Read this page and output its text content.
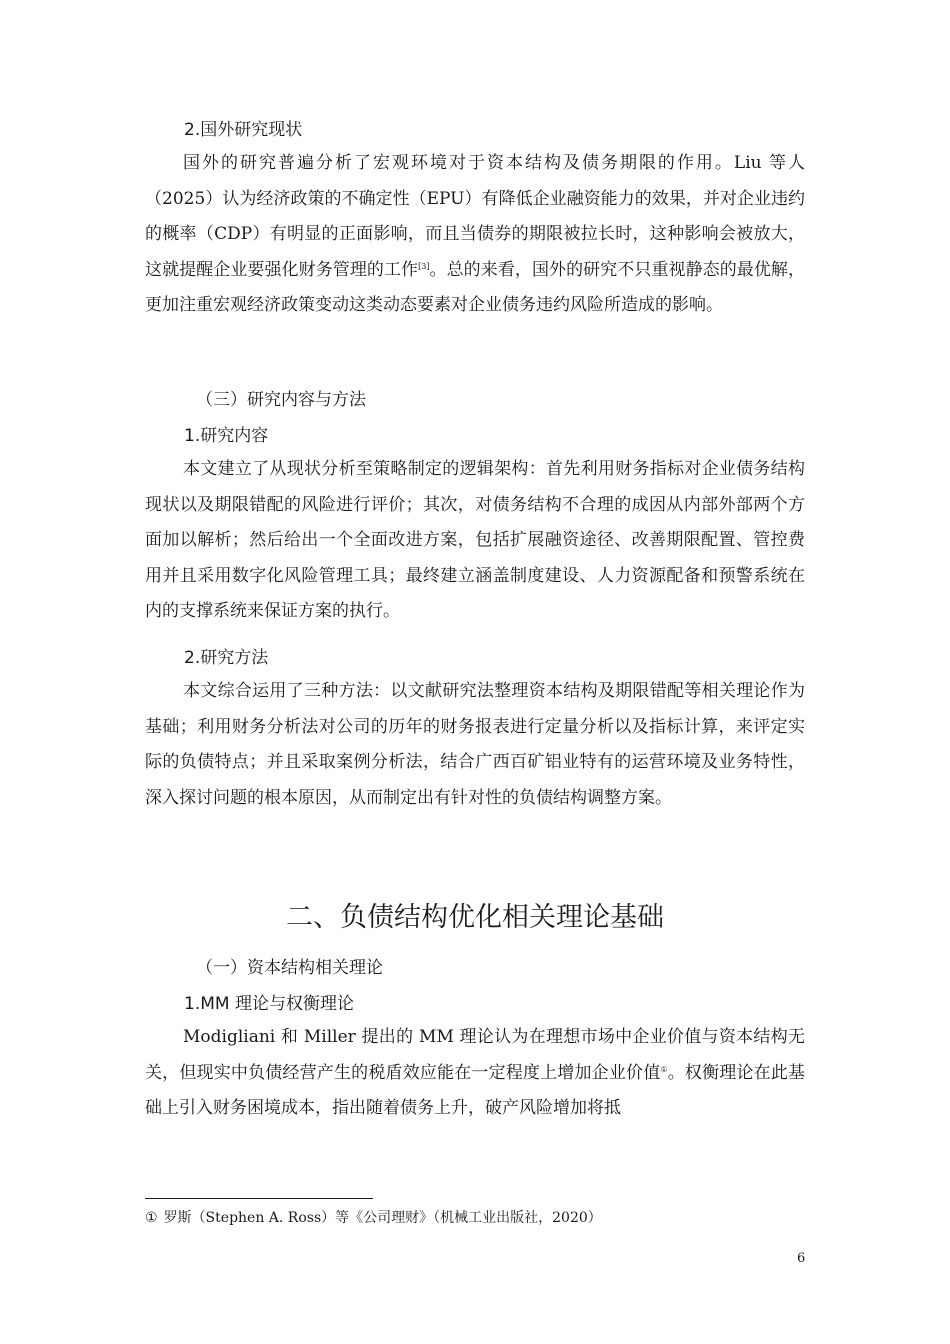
2.国外研究现状

国外的研究普遍分析了宏观环境对于资本结构及债务期限的作用。Liu 等人（2025）认为经济政策的不确定性（EPU）有降低企业融资能力的效果，并对企业违约的概率（CDP）有明显的正面影响，而且当债券的期限被拉长时，这种影响会被放大，这就提醒企业要强化财务管理的工作[3]。总的来看，国外的研究不只重视静态的最优解，更加注重宏观经济政策变动这类动态要素对企业债务违约风险所造成的影响。

（三）研究内容与方法

1.研究内容

本文建立了从现状分析至策略制定的逻辑架构：首先利用财务指标对企业债务结构现状以及期限错配的风险进行评价；其次，对债务结构不合理的成因从内部外部两个方面加以解析；然后给出一个全面改进方案，包括扩展融资途径、改善期限配置、管控费用并且采用数字化风险管理工具；最终建立涵盖制度建设、人力资源配备和预警系统在内的支撑系统来保证方案的执行。

2.研究方法

本文综合运用了三种方法：以文献研究法整理资本结构及期限错配等相关理论作为基础；利用财务分析法对公司的历年的财务报表进行定量分析以及指标计算，来评定实际的负债特点；并且采取案例分析法，结合广西百矿铝业特有的运营环境及业务特性，深入探讨问题的根本原因，从而制定出有针对性的负债结构调整方案。

二、负债结构优化相关理论基础

（一）资本结构相关理论

1.MM 理论与权衡理论

Modigliani 和 Miller 提出的 MM 理论认为在理想市场中企业价值与资本结构无关，但现实中负债经营产生的税盾效应能在一定程度上增加企业价值①。权衡理论在此基础上引入财务困境成本，指出随着债务上升，破产风险增加将抵

① 罗斯（Stephen A. Ross）等《公司理财》（机械工业出版社，2020）

6
